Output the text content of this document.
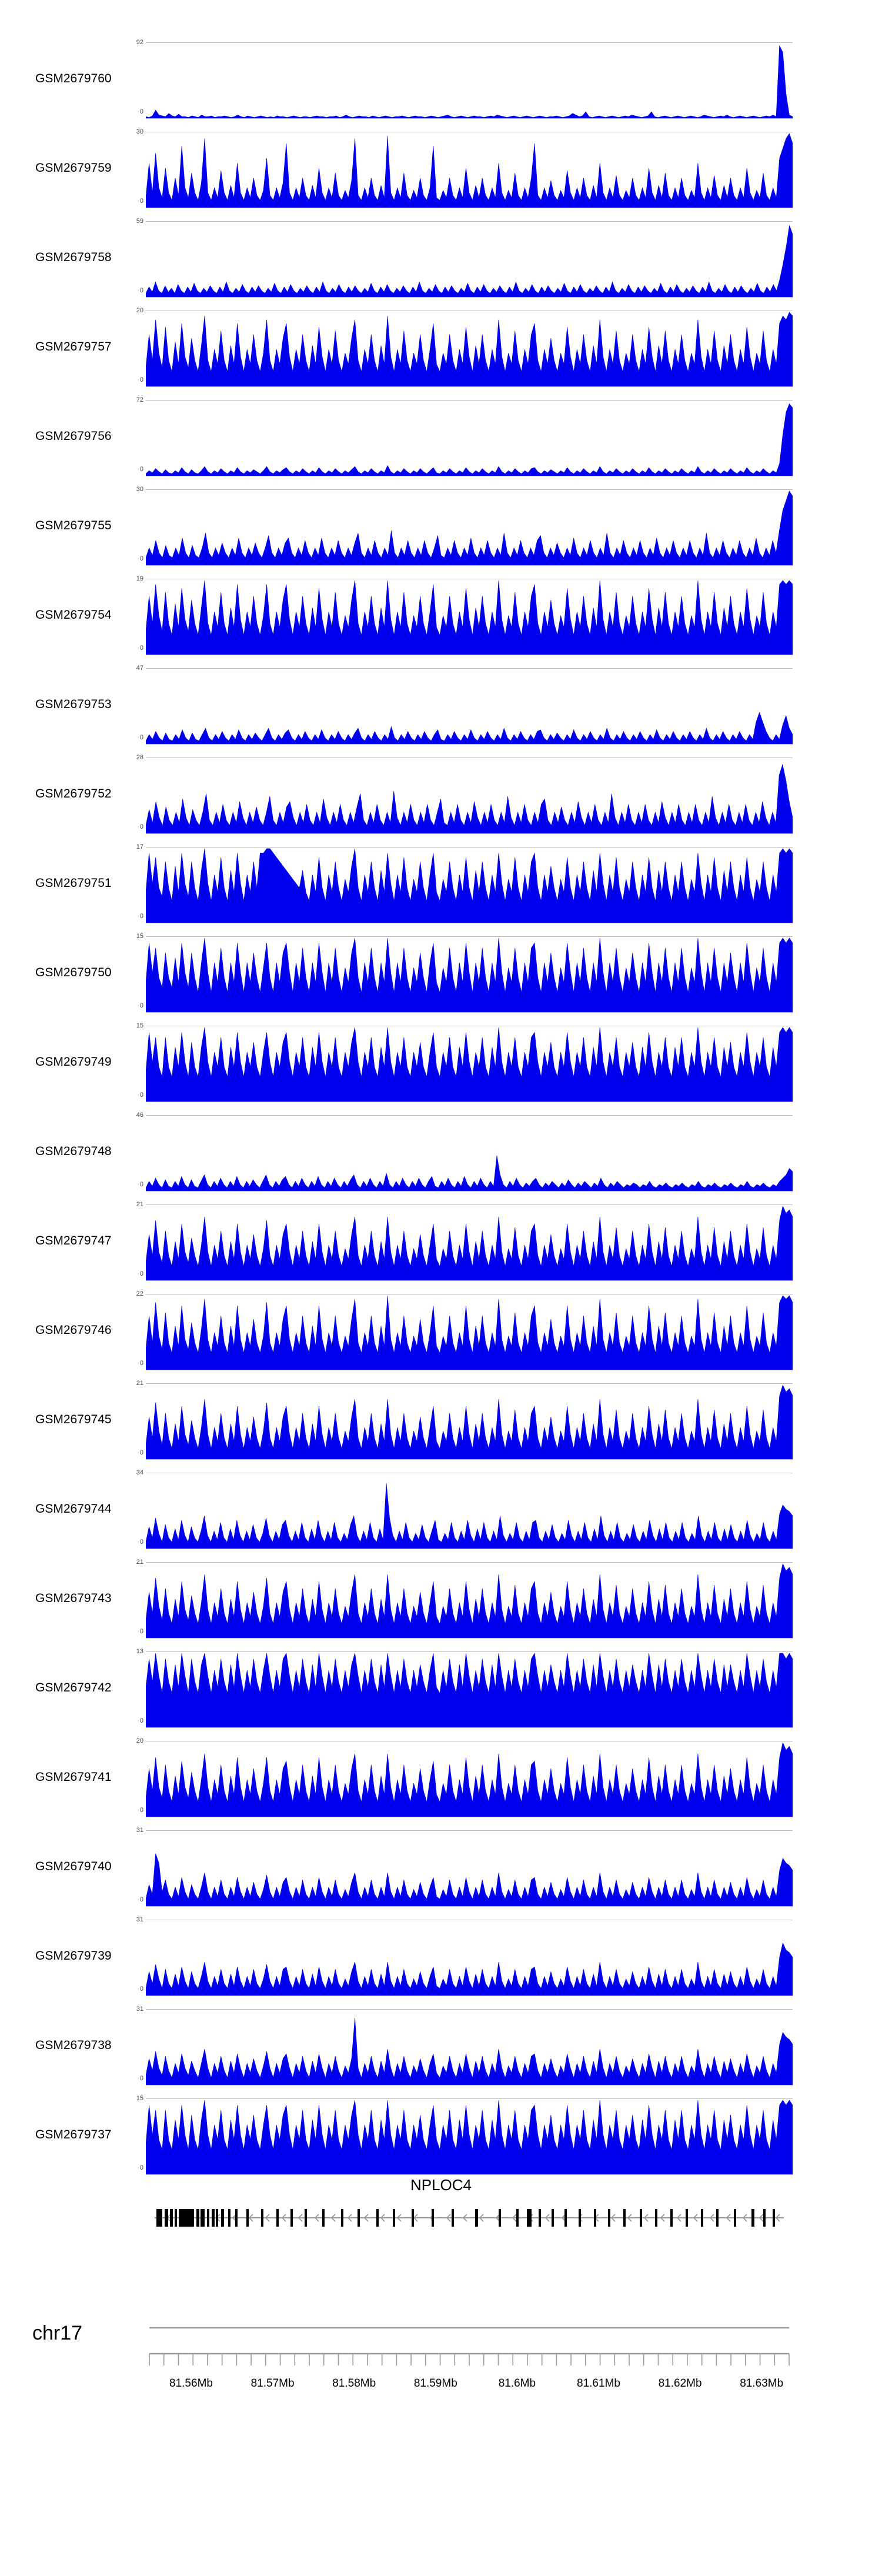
GSM2679760
92
0
GSM2679759
30
0
GSM2679758
59
0
GSM2679757
20
0
GSM2679756
72
0
GSM2679755
30
0
GSM2679754
19
0
GSM2679753
47
0
GSM2679752
28
0
GSM2679751
17
0
GSM2679750
15
0
GSM2679749
15
0
GSM2679748
46
0
GSM2679747
21
0
GSM2679746
22
0
GSM2679745
21
0
GSM2679744
34
0
GSM2679743
21
0
GSM2679742
13
0
GSM2679741
20
0
GSM2679740
31
0
GSM2679739
31
0
GSM2679738
31
0
GSM2679737
15
0
NPLOC4
chr17
81.56Mb	81.57Mb	81.58Mb	81.59Mb	81.6Mb	81.61Mb	81.62Mb	81.63Mb
